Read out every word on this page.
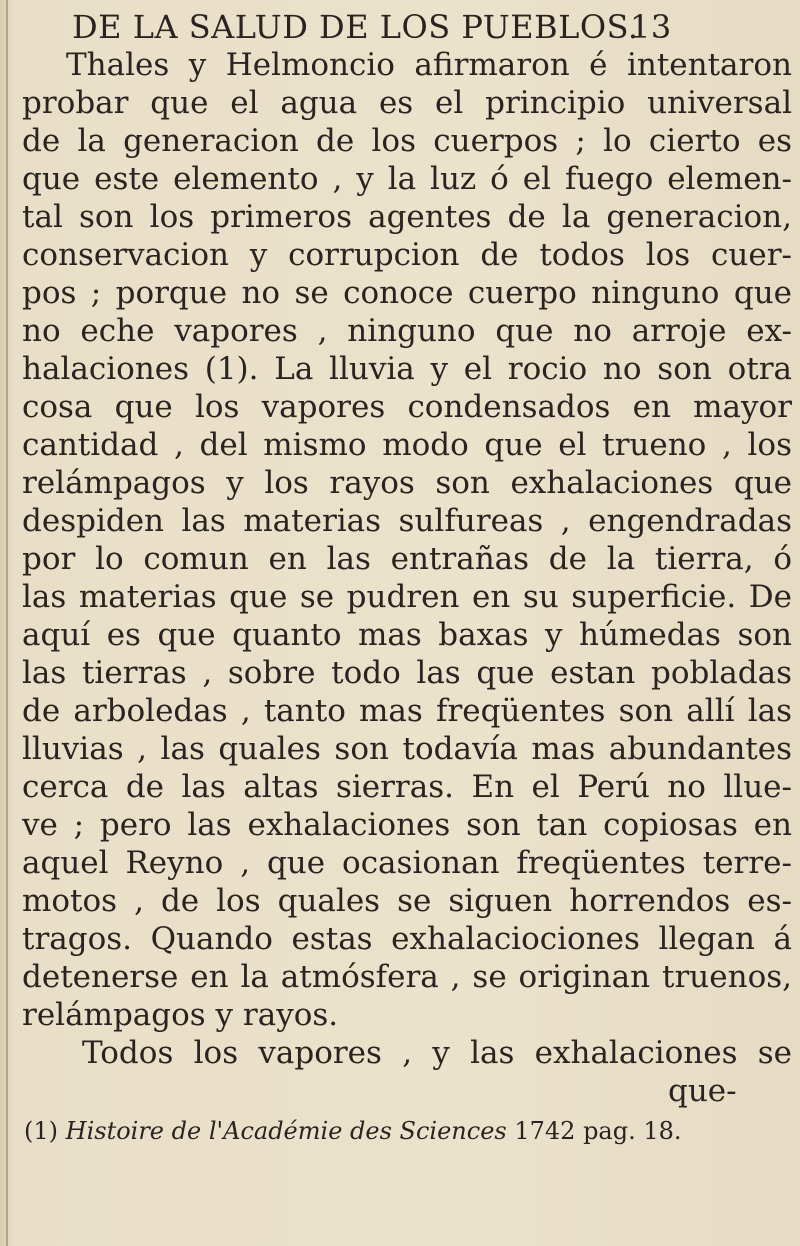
DE LA SALUD DE LOS PUEBLOS.
13
Thales y Helmoncio afirmaron é intentaron
probar que el agua es el principio universal
de la generacion de los cuerpos ; lo cierto es
que este elemento , y la luz ó el fuego elemen-
tal son los primeros agentes de la generacion,
conservacion y corrupcion de todos los cuer-
pos ; porque no se conoce cuerpo ninguno que
no eche vapores , ninguno que no arroje ex-
halaciones (1). La lluvia y el rocio no son otra
cosa que los vapores condensados en mayor
cantidad , del mismo modo que el trueno , los
relámpagos y los rayos son exhalaciones que
despiden las materias sulfureas , engendradas
por lo comun en las entrañas de la tierra, ó
las materias que se pudren en su superficie. De
aquí es que quanto mas baxas y húmedas son
las tierras , sobre todo las que estan pobladas
de arboledas , tanto mas freqüentes son allí las
lluvias , las quales son todavía mas abundantes
cerca de las altas sierras. En el Perú no llue-
ve ; pero las exhalaciones son tan copiosas en
aquel Reyno , que ocasionan freqüentes terre-
motos , de los quales se siguen horrendos es-
tragos. Quando estas exhalaciociones llegan á
detenerse en la atmósfera , se originan truenos,
relámpagos y rayos.
Todos los vapores , y las exhalaciones se
que-
(1) Histoire de l'Académie des Sciences 1742 pag. 18.
